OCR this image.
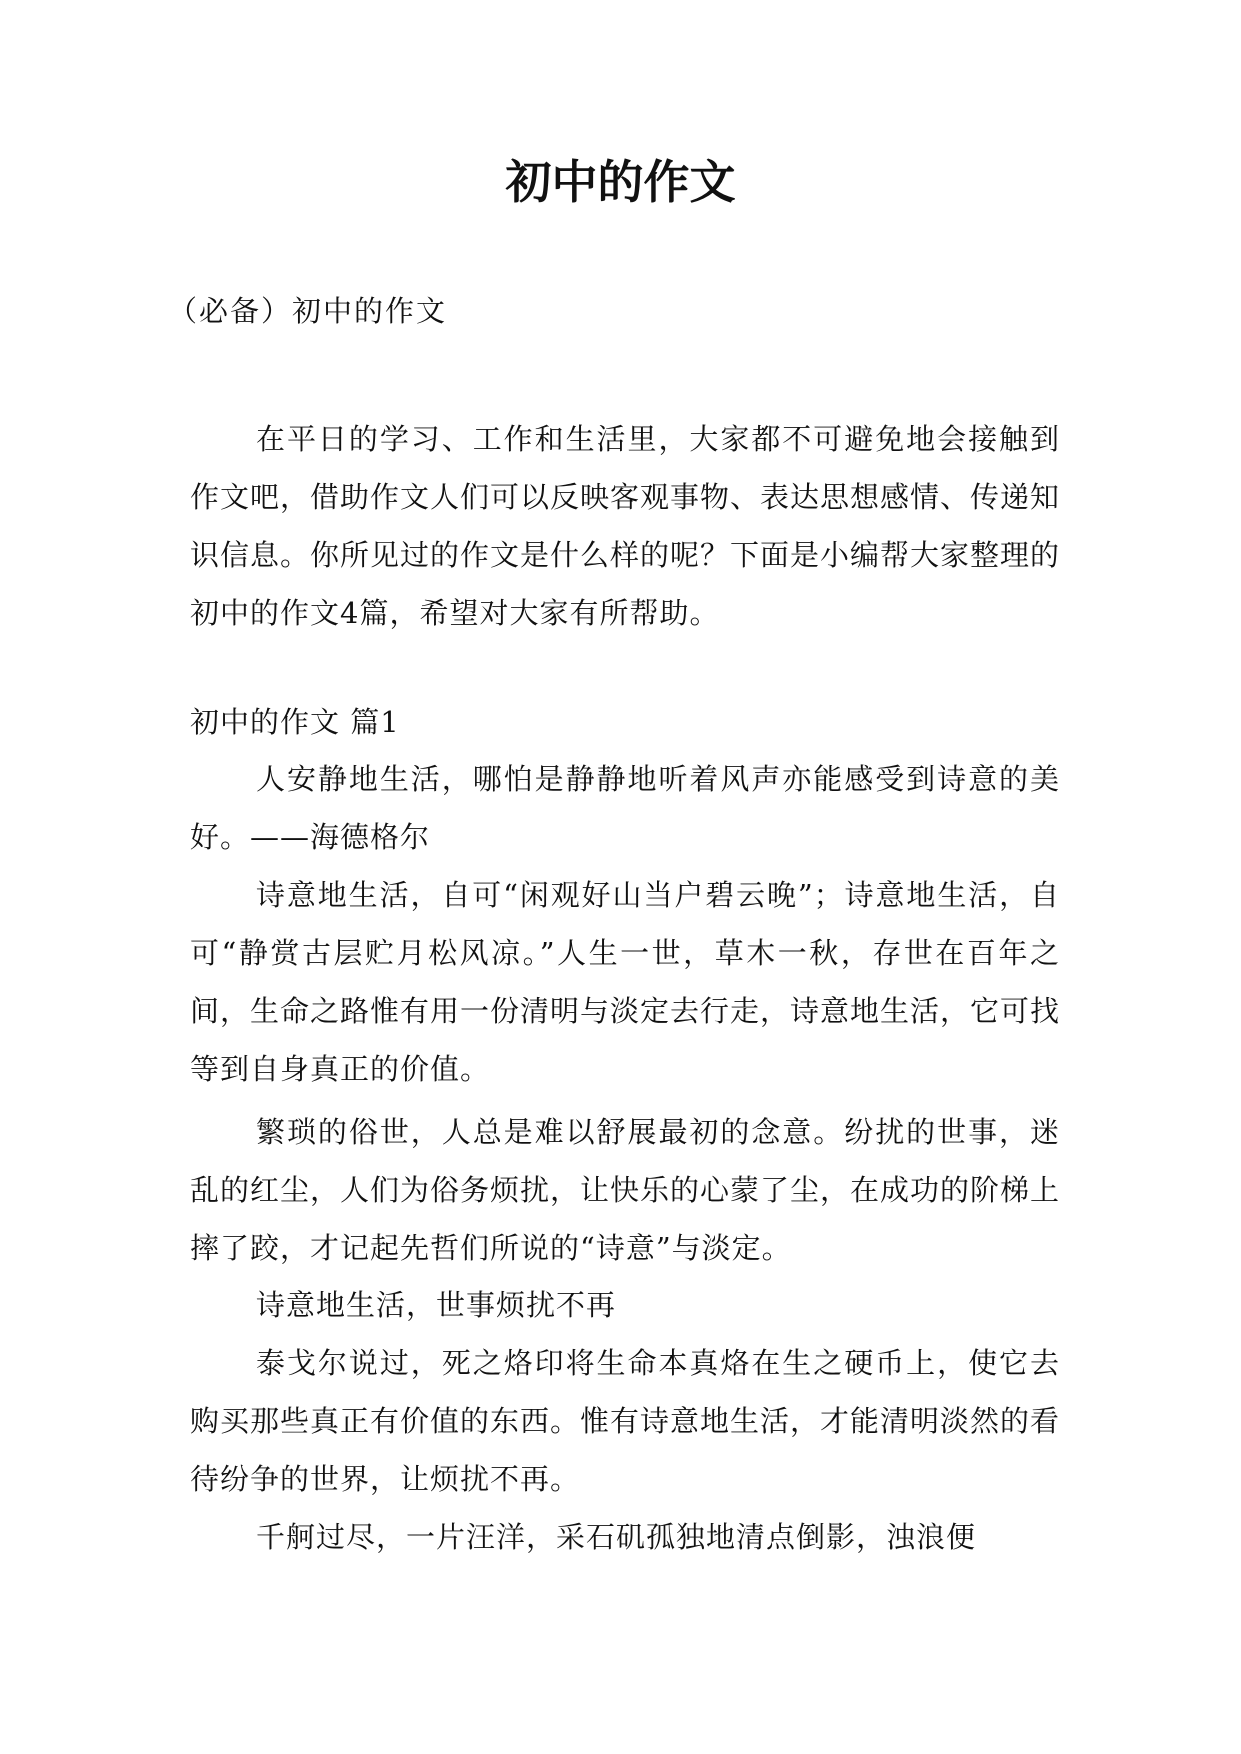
初中的作文

（必备）初中的作文

在平日的学习、工作和生活里，大家都不可避免地会接触到作文吧，借助作文人们可以反映客观事物、表达思想感情、传递知识信息。你所见过的作文是什么样的呢？下面是小编帮大家整理的初中的作文4篇，希望对大家有所帮助。

初中的作文 篇1

人安静地生活，哪怕是静静地听着风声亦能感受到诗意的美好。——海德格尔

诗意地生活，自可“闲观好山当户碧云晚”；诗意地生活，自可“静赏古层贮月松风凉。”人生一世，草木一秋，存世在百年之间，生命之路惟有用一份清明与淡定去行走，诗意地生活，它可找等到自身真正的价值。

繁琐的俗世，人总是难以舒展最初的念意。纷扰的世事，迷乱的红尘，人们为俗务烦扰，让快乐的心蒙了尘，在成功的阶梯上摔了跤，才记起先哲们所说的“诗意”与淡定。

诗意地生活，世事烦扰不再

泰戈尔说过，死之烙印将生命本真烙在生之硬币上，使它去购买那些真正有价值的东西。惟有诗意地生活，才能清明淡然的看待纷争的世界，让烦扰不再。

千舸过尽，一片汪洋，采石矶孤独地清点倒影，浊浪便
